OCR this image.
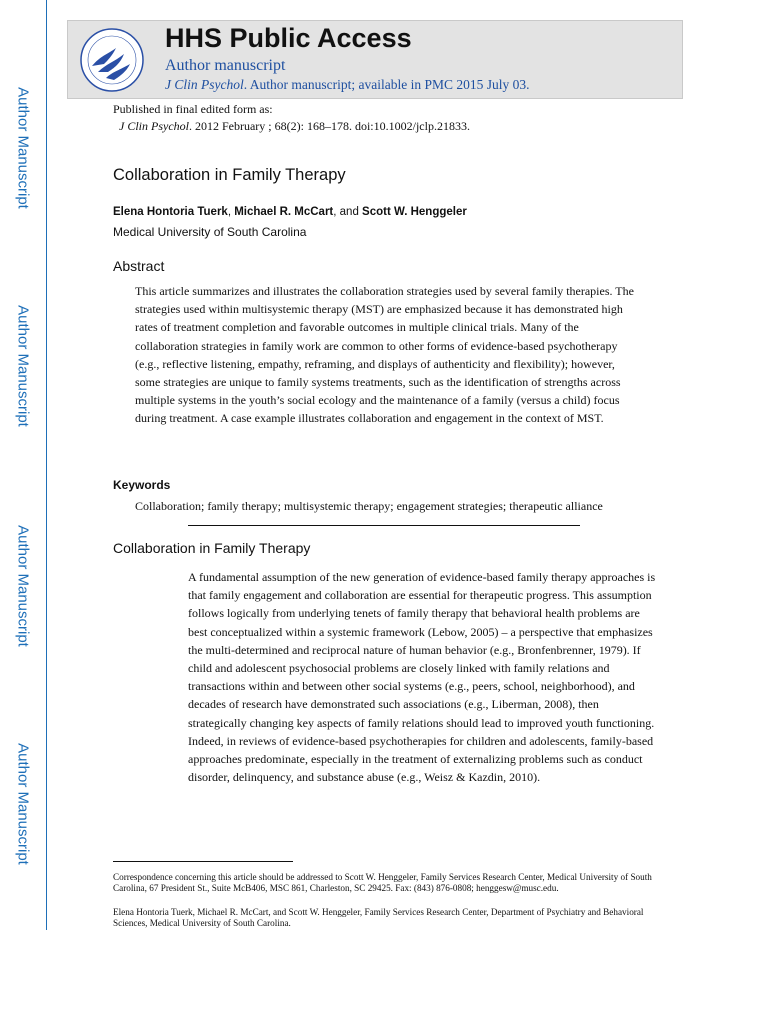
Author Manuscript
Author Manuscript
Author Manuscript
Author Manuscript
HHS Public Access
Author manuscript
J Clin Psychol. Author manuscript; available in PMC 2015 July 03.
Published in final edited form as:
J Clin Psychol. 2012 February ; 68(2): 168–178. doi:10.1002/jclp.21833.
Collaboration in Family Therapy
Elena Hontoria Tuerk, Michael R. McCart, and Scott W. Henggeler
Medical University of South Carolina
Abstract
This article summarizes and illustrates the collaboration strategies used by several family therapies. The strategies used within multisystemic therapy (MST) are emphasized because it has demonstrated high rates of treatment completion and favorable outcomes in multiple clinical trials. Many of the collaboration strategies in family work are common to other forms of evidence-based psychotherapy (e.g., reflective listening, empathy, reframing, and displays of authenticity and flexibility); however, some strategies are unique to family systems treatments, such as the identification of strengths across multiple systems in the youth’s social ecology and the maintenance of a family (versus a child) focus during treatment. A case example illustrates collaboration and engagement in the context of MST.
Keywords
Collaboration; family therapy; multisystemic therapy; engagement strategies; therapeutic alliance
Collaboration in Family Therapy
A fundamental assumption of the new generation of evidence-based family therapy approaches is that family engagement and collaboration are essential for therapeutic progress. This assumption follows logically from underlying tenets of family therapy that behavioral health problems are best conceptualized within a systemic framework (Lebow, 2005) – a perspective that emphasizes the multi-determined and reciprocal nature of human behavior (e.g., Bronfenbrenner, 1979). If child and adolescent psychosocial problems are closely linked with family relations and transactions within and between other social systems (e.g., peers, school, neighborhood), and decades of research have demonstrated such associations (e.g., Liberman, 2008), then strategically changing key aspects of family relations should lead to improved youth functioning. Indeed, in reviews of evidence-based psychotherapies for children and adolescents, family-based approaches predominate, especially in the treatment of externalizing problems such as conduct disorder, delinquency, and substance abuse (e.g., Weisz & Kazdin, 2010).
Correspondence concerning this article should be addressed to Scott W. Henggeler, Family Services Research Center, Medical University of South Carolina, 67 President St., Suite McB406, MSC 861, Charleston, SC 29425. Fax: (843) 876-0808; henggesw@musc.edu.
Elena Hontoria Tuerk, Michael R. McCart, and Scott W. Henggeler, Family Services Research Center, Department of Psychiatry and Behavioral Sciences, Medical University of South Carolina.
